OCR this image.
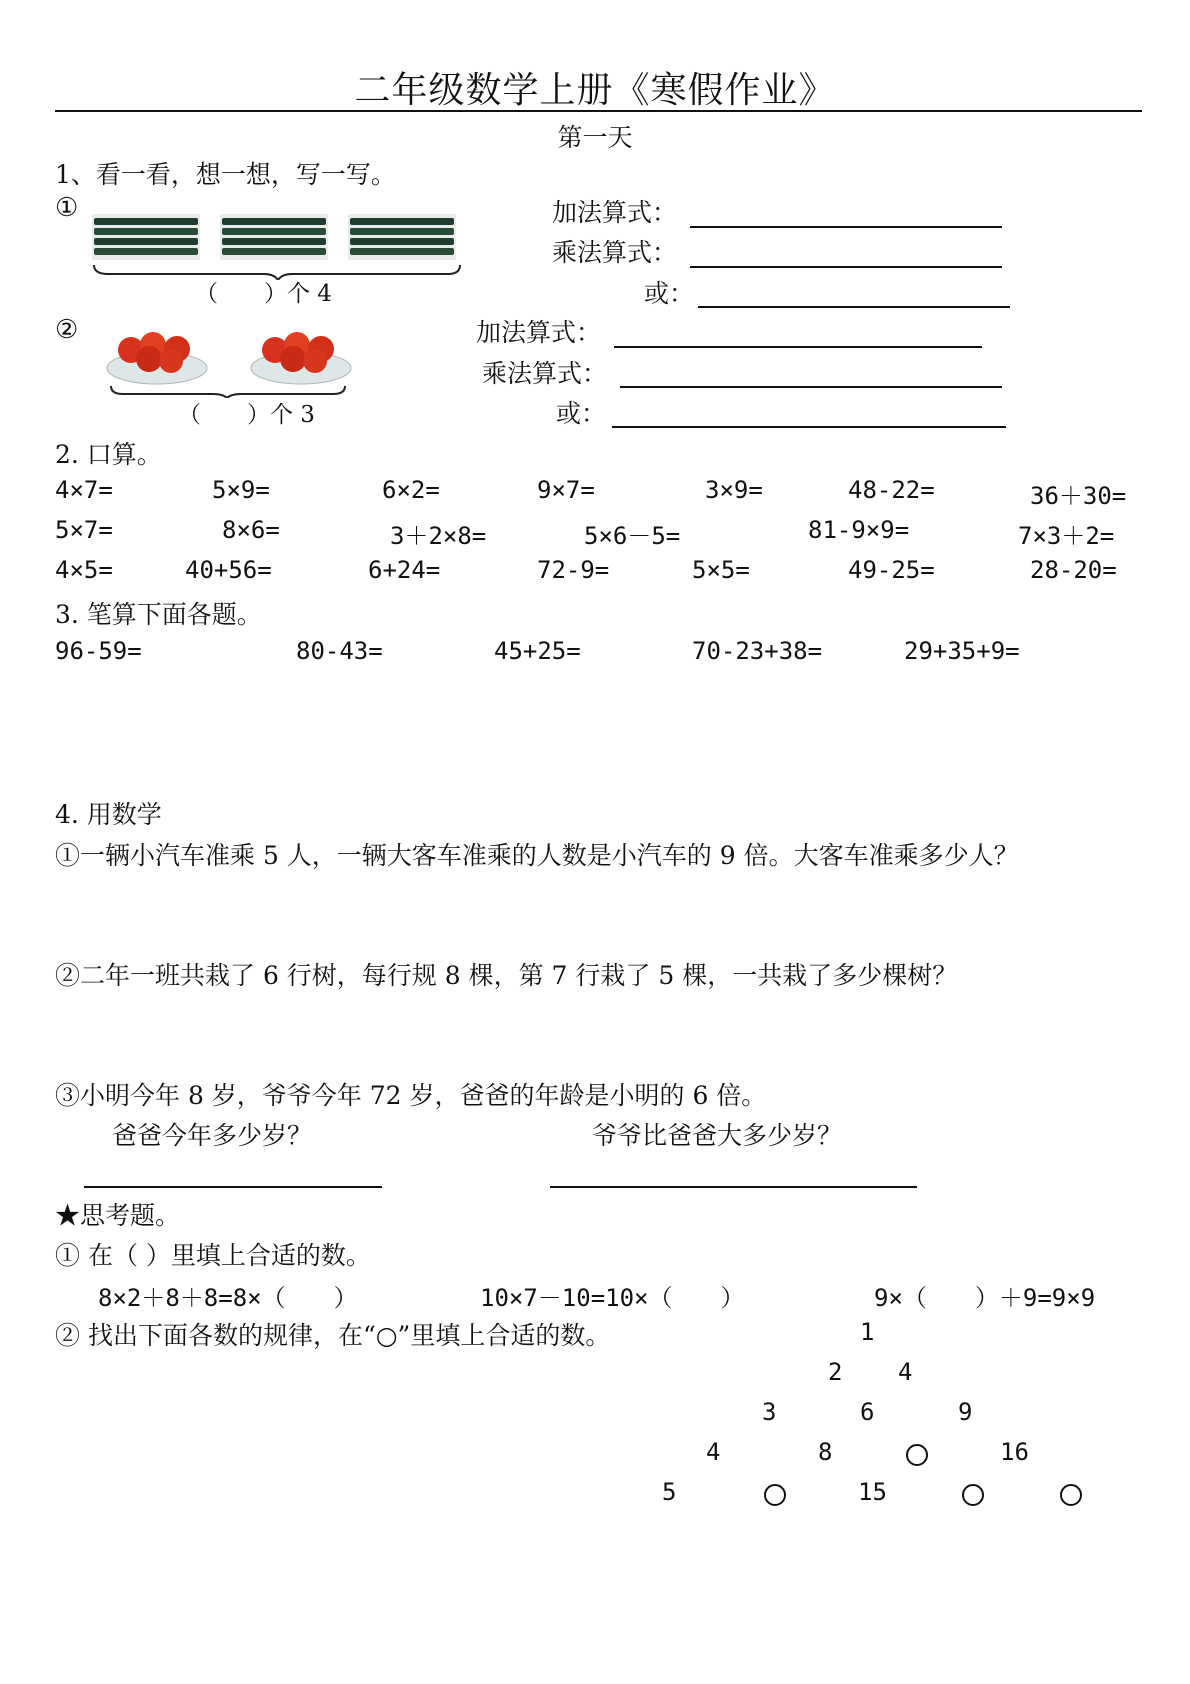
二年级数学上册《寒假作业》
第一天
1、看一看，想一想，写一写。
①
（　　）个 4
加法算式：
乘法算式：
或：
②
（　　）个 3
加法算式：
乘法算式：
或：
2. 口算。
4×7=	5×9=	6×2=	9×7=	3×9=	48-22=	36＋30=
5×7=	8×6=	3＋2×8=	5×6－5=	81-9×9=	7×3＋2=
4×5=	40+56=	6+24=	72-9=	5×5=	49-25=	28-20=
3. 笔算下面各题。
96-59=	80-43=	45+25=	70-23+38=	29+35+9=
4. 用数学
①一辆小汽车准乘 5 人，一辆大客车准乘的人数是小汽车的 9 倍。大客车准乘多少人？
②二年一班共栽了 6 行树，每行规 8 棵，第 7 行栽了 5 棵，一共栽了多少棵树？
③小明今年 8 岁，爷爷今年 72 岁，爸爸的年龄是小明的 6 倍。
爸爸今年多少岁？	爷爷比爸爸大多少岁？
★思考题。
① 在（ ）里填上合适的数。
8×2＋8＋8=8×（　　）	10×7－10=10×（　　）	9×（　　）＋9=9×9
② 找出下面各数的规律，在“○”里填上合适的数。	1
2 4
3	6	9
4	8	16
5	15
